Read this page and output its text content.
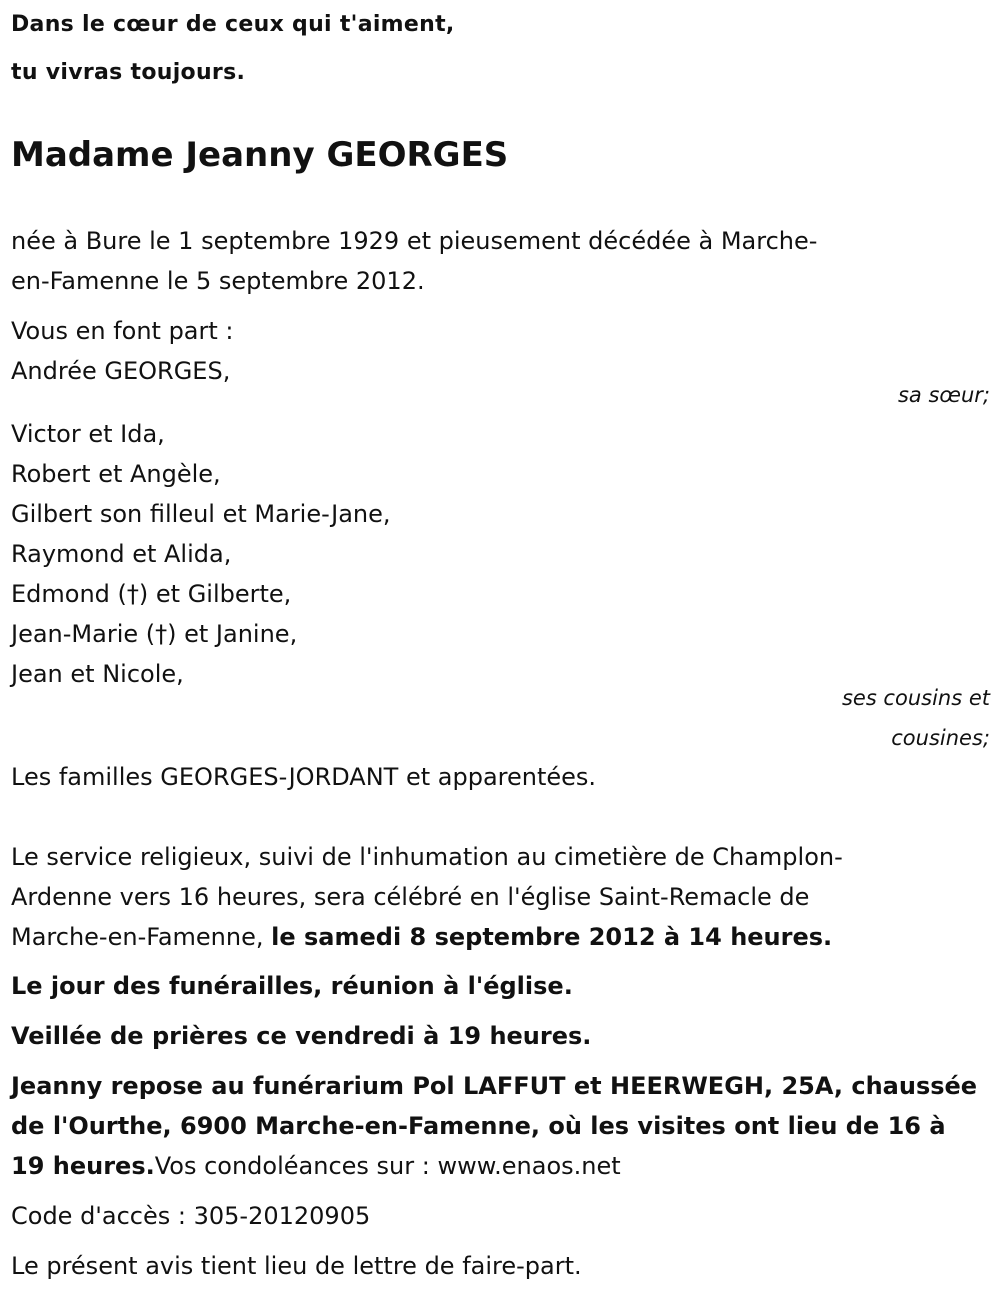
Dans le cœur de ceux qui t'aiment,

tu vivras toujours.

Madame Jeanny GEORGES

née à Bure le 1 septembre 1929 et pieusement décédée à Marche-

en-Famenne le 5 septembre 2012.

Vous en font part :

Andrée GEORGES,

sa sœur;

Victor et Ida,

Robert et Angèle,

Gilbert son filleul et Marie-Jane,

Raymond et Alida,

Edmond (†) et Gilberte,

Jean-Marie (†) et Janine,

Jean et Nicole,

ses cousins et

cousines;

Les familles GEORGES-JORDANT et apparentées.

Le service religieux, suivi de l'inhumation au cimetière de Champlon-

Ardenne vers 16 heures, sera célébré en l'église Saint-Remacle de

Marche-en-Famenne, le samedi 8 septembre 2012 à 14 heures.

Le jour des funérailles, réunion à l'église.

Veillée de prières ce vendredi à 19 heures.

Jeanny repose au funérarium Pol LAFFUT et HEERWEGH, 25A, chaussée

de l'Ourthe, 6900 Marche-en-Famenne, où les visites ont lieu de 16 à

19 heures.Vos condoléances sur : www.enaos.net

Code d'accès : 305-20120905

Le présent avis tient lieu de lettre de faire-part.
